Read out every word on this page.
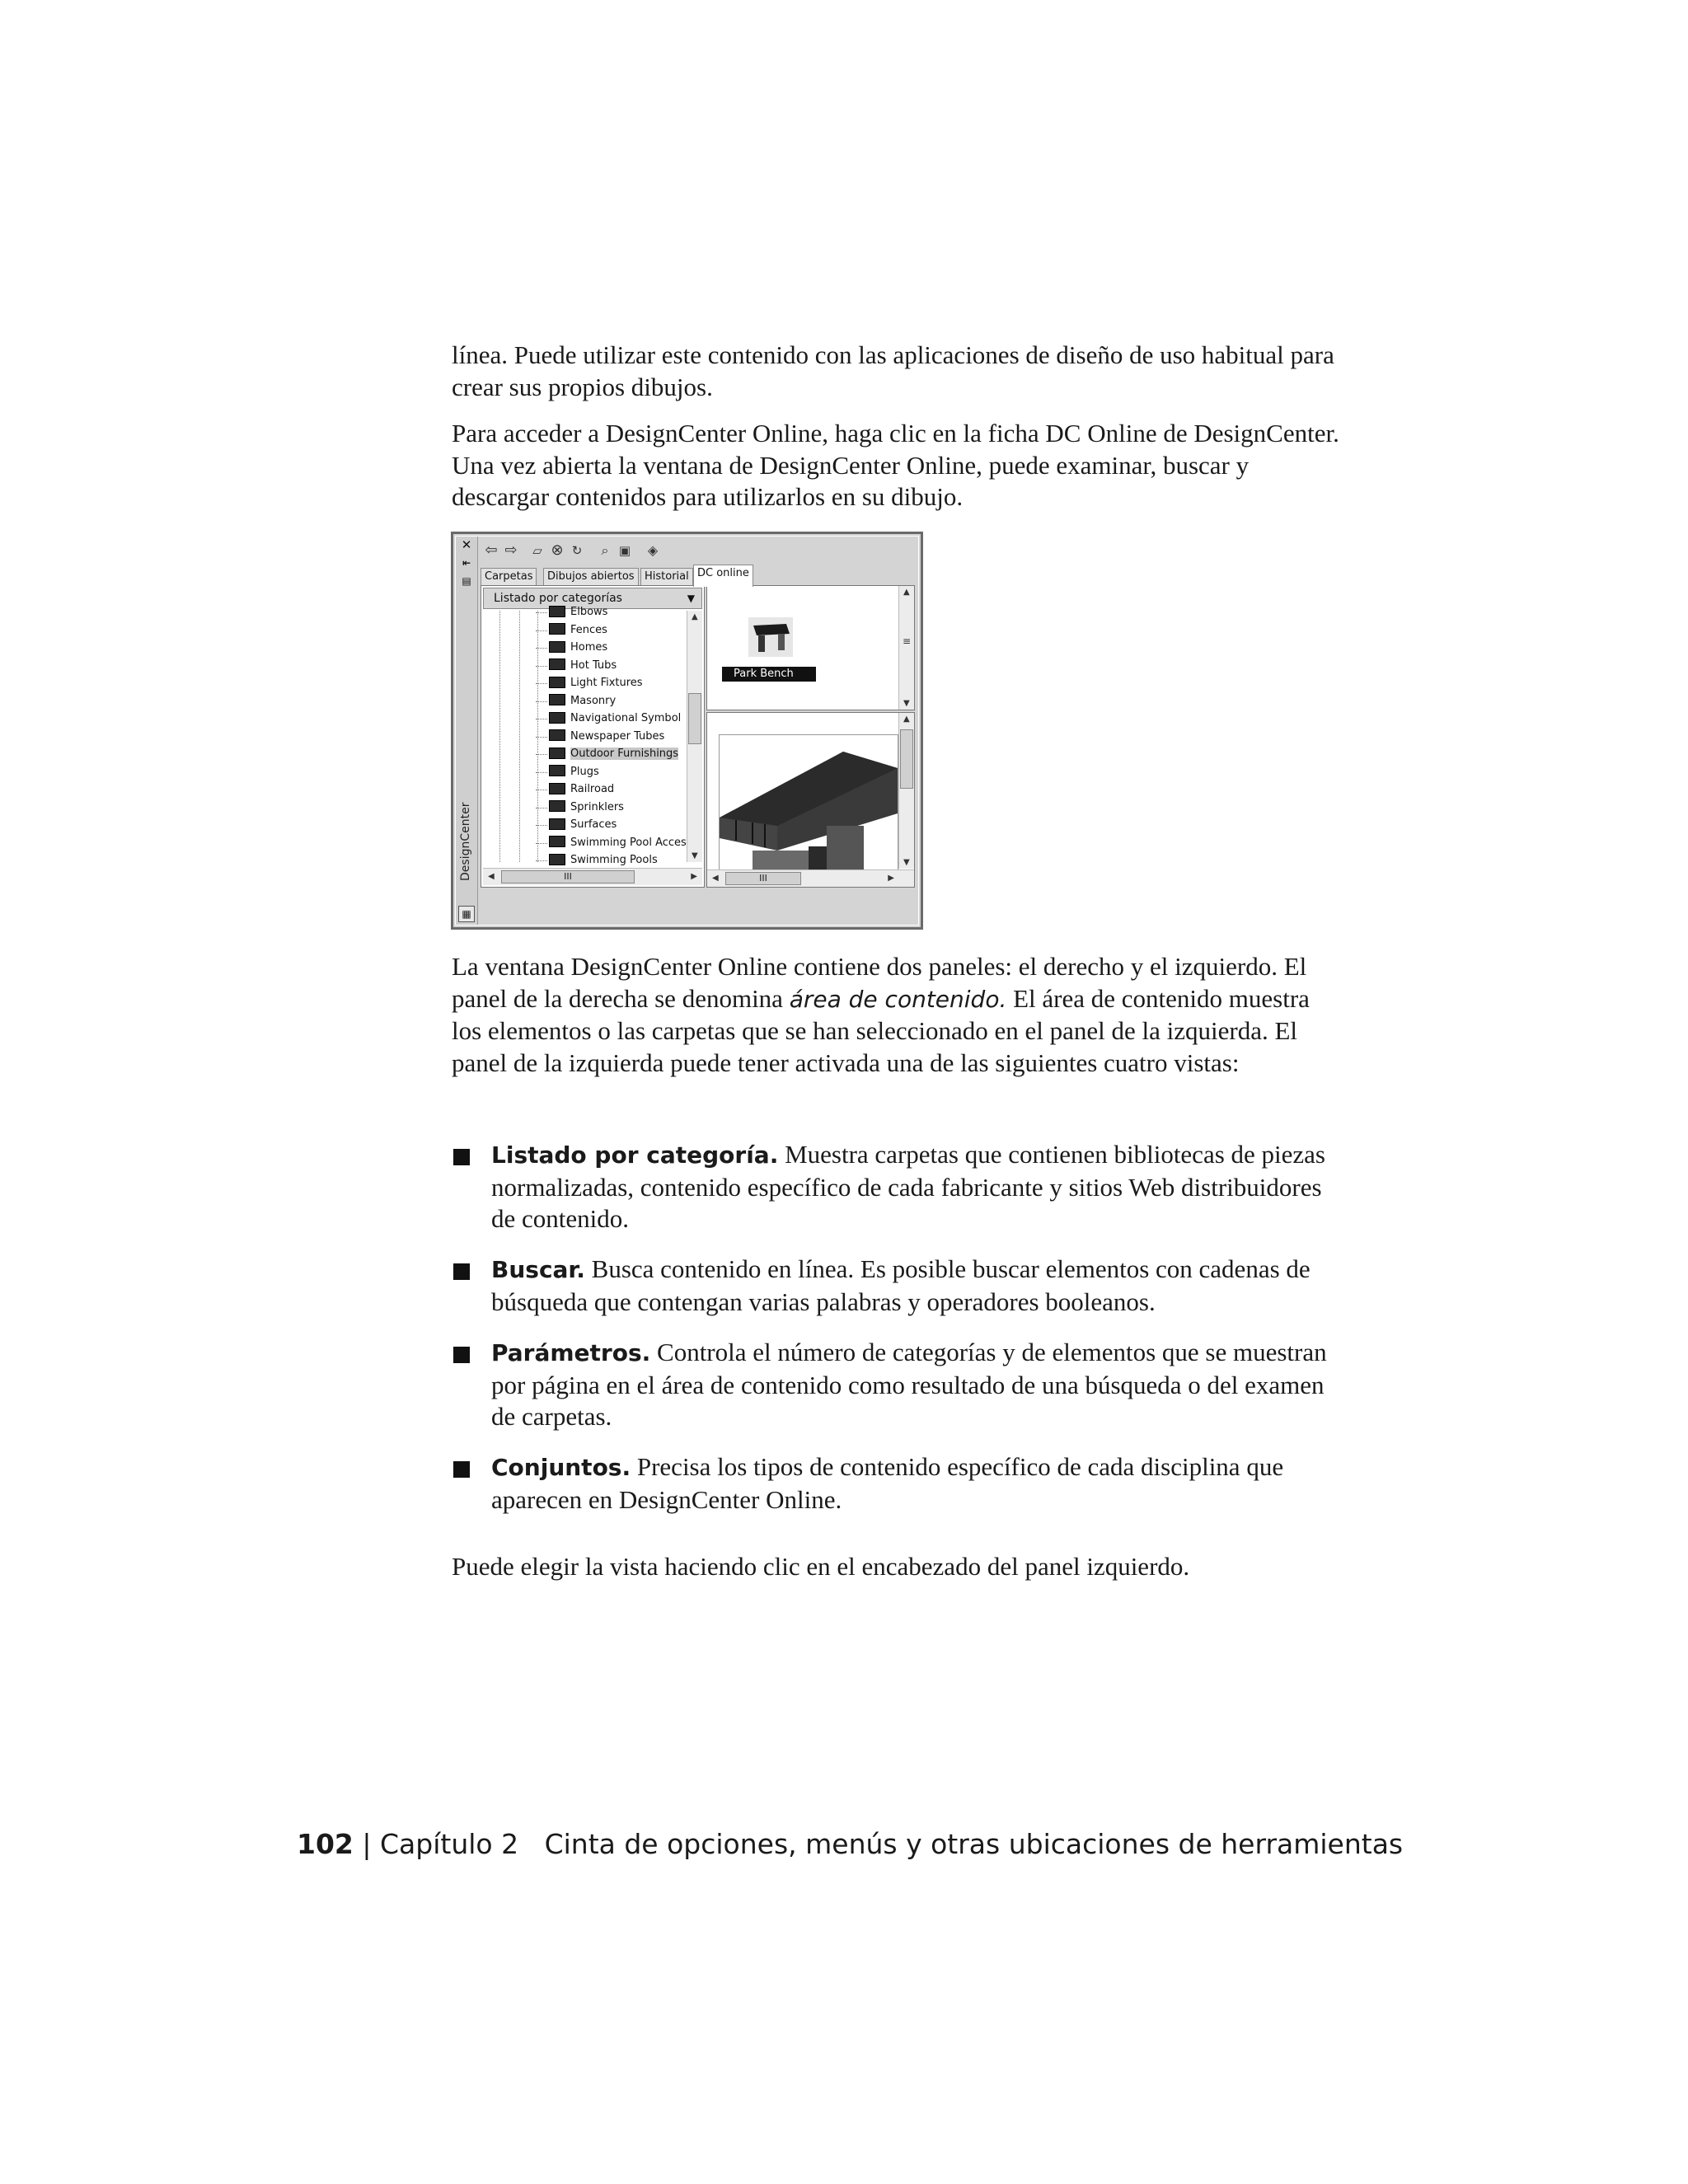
línea. Puede utilizar este contenido con las aplicaciones de diseño de uso habitual para crear sus propios dibujos.

Para acceder a DesignCenter Online, haga clic en la ficha DC Online de DesignCenter. Una vez abierta la ventana de DesignCenter Online, puede examinar, buscar y descargar contenidos para utilizarlos en su dibujo.

✕
⇤
▤
DesignCenter
▦
⇦ ⇨	▱ ⊗ ↻	⌕ ▣	◈
Carpetas	Dibujos abiertos Historial DC online
Listado por categorías	▼
Elbows
Fences
Homes
Hot Tubs
Light Fixtures
Masonry
Navigational Symbol
Newspaper Tubes
Outdoor Furnishings
Plugs
Railroad
Sprinklers
Surfaces
Swimming Pool Acces
Swimming Pools
▲
▼
◀	III	▶
Park Bench
▲
≡
▼
▲
▼
◀	III	▶

La ventana DesignCenter Online contiene dos paneles: el derecho y el izquierdo. El panel de la derecha se denomina área de contenido. El área de contenido muestra los elementos o las carpetas que se han seleccionado en el panel de la izquierda. El panel de la izquierda puede tener activada una de las siguientes cuatro vistas:

Listado por categoría. Muestra carpetas que contienen bibliotecas de piezas normalizadas, contenido específico de cada fabricante y sitios Web distribuidores de contenido.
Buscar. Busca contenido en línea. Es posible buscar elementos con cadenas de búsqueda que contengan varias palabras y operadores booleanos.
Parámetros. Controla el número de categorías y de elementos que se muestran por página en el área de contenido como resultado de una búsqueda o del examen de carpetas.
Conjuntos. Precisa los tipos de contenido específico de cada disciplina que aparecen en DesignCenter Online.

Puede elegir la vista haciendo clic en el encabezado del panel izquierdo.

102 | Capítulo 2 Cinta de opciones, menús y otras ubicaciones de herramientas
